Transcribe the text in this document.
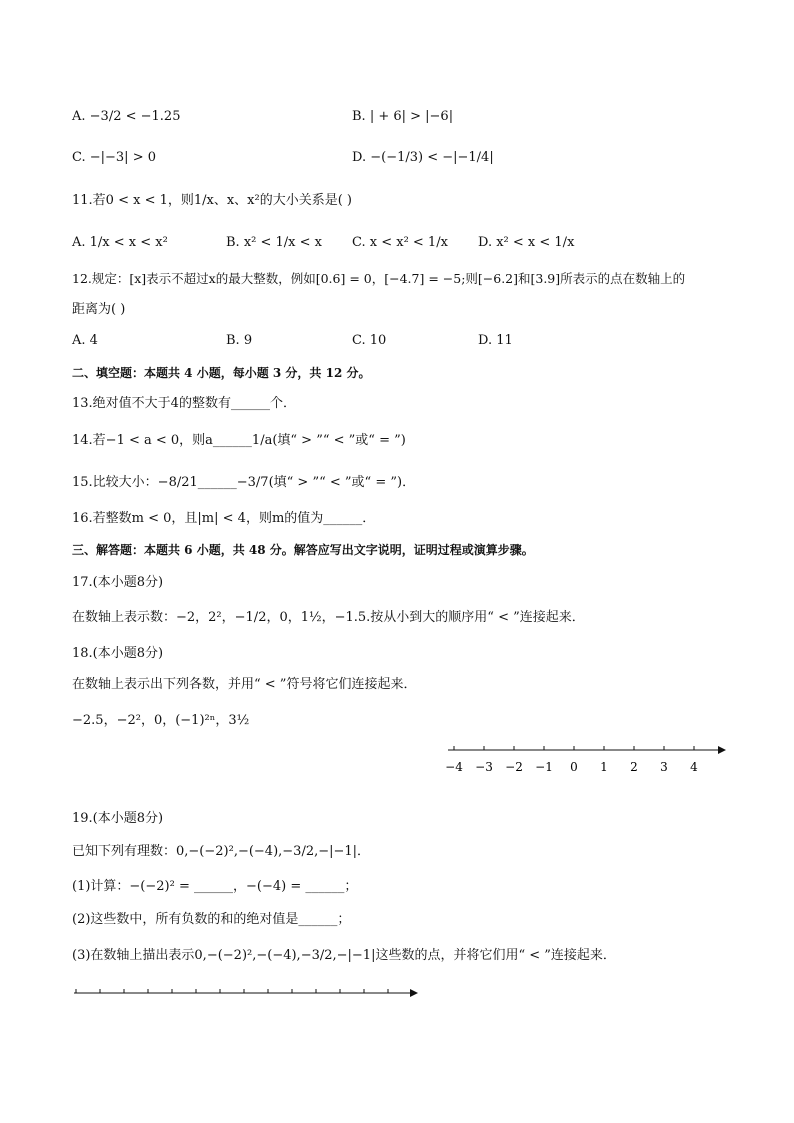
A. −3/2 < −1.25	B. | + 6| > |−6|
C. −|−3| > 0	D. −(−1/3) < −|−1/4|
11.若0 < x < 1，则1/x、x、x²的大小关系是( )
A. 1/x < x < x²	B. x² < 1/x < x C. x < x² < 1/x D. x² < x < 1/x
12.规定：[x]表示不超过x的最大整数，例如[0.6] = 0，[−4.7] = −5;则[−6.2]和[3.9]所表示的点在数轴上的
距离为( )
A. 4	B. 9	C. 10	D. 11
二、填空题：本题共 4 小题，每小题 3 分，共 12 分。
13.绝对值不大于4的整数有______个．
14.若−1 < a < 0，则a______1/a(填“ > ”“ < ”或“ = ”)
15.比较大小：−8/21______−3/7(填“ > ”“ < ”或“ = ”)．
16.若整数m < 0，且|m| < 4，则m的值为______．
三、解答题：本题共 6 小题，共 48 分。解答应写出文字说明，证明过程或演算步骤。
17.(本小题8分)
在数轴上表示数：−2，2²，−1/2，0，1½，−1.5.按从小到大的顺序用“ < ”连接起来．
18.(本小题8分)
在数轴上表示出下列各数，并用“ < ”符号将它们连接起来．
−2.5，−2²，0，(−1)²ⁿ，3½
−4 −3 −2 −1 0 1 2 3 4
19.(本小题8分)
已知下列有理数：0,−(−2)²,−(−4),−3/2,−|−1|．
(1)计算：−(−2)² = ______，−(−4) = ______；
(2)这些数中，所有负数的和的绝对值是______；
(3)在数轴上描出表示0,−(−2)²,−(−4),−3/2,−|−1|这些数的点，并将它们用“ < ”连接起来．
